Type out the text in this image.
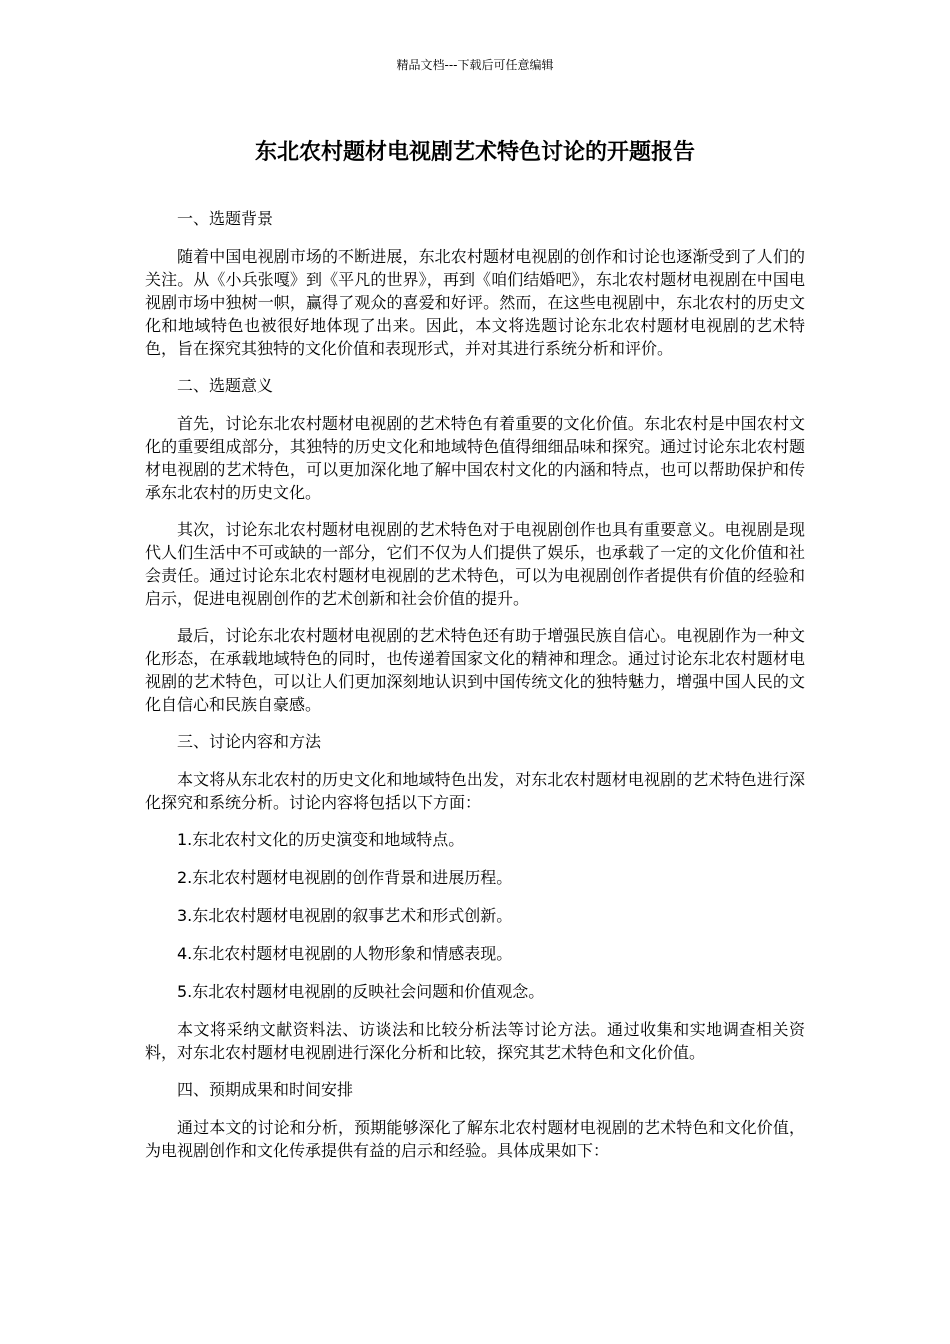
精品文档---下载后可任意编辑
东北农村题材电视剧艺术特色讨论的开题报告

一、选题背景

随着中国电视剧市场的不断进展，东北农村题材电视剧的创作和讨论也逐渐受到了人们的关注。从《小兵张嘎》到《平凡的世界》，再到《咱们结婚吧》，东北农村题材电视剧在中国电视剧市场中独树一帜，赢得了观众的喜爱和好评。然而，在这些电视剧中，东北农村的历史文化和地域特色也被很好地体现了出来。因此，本文将选题讨论东北农村题材电视剧的艺术特色，旨在探究其独特的文化价值和表现形式，并对其进行系统分析和评价。

二、选题意义

首先，讨论东北农村题材电视剧的艺术特色有着重要的文化价值。东北农村是中国农村文化的重要组成部分，其独特的历史文化和地域特色值得细细品味和探究。通过讨论东北农村题材电视剧的艺术特色，可以更加深化地了解中国农村文化的内涵和特点，也可以帮助保护和传承东北农村的历史文化。

其次，讨论东北农村题材电视剧的艺术特色对于电视剧创作也具有重要意义。电视剧是现代人们生活中不可或缺的一部分，它们不仅为人们提供了娱乐，也承载了一定的文化价值和社会责任。通过讨论东北农村题材电视剧的艺术特色，可以为电视剧创作者提供有价值的经验和启示，促进电视剧创作的艺术创新和社会价值的提升。

最后，讨论东北农村题材电视剧的艺术特色还有助于增强民族自信心。电视剧作为一种文化形态，在承载地域特色的同时，也传递着国家文化的精神和理念。通过讨论东北农村题材电视剧的艺术特色，可以让人们更加深刻地认识到中国传统文化的独特魅力，增强中国人民的文化自信心和民族自豪感。

三、讨论内容和方法

本文将从东北农村的历史文化和地域特色出发，对东北农村题材电视剧的艺术特色进行深化探究和系统分析。讨论内容将包括以下方面：

1.东北农村文化的历史演变和地域特点。

2.东北农村题材电视剧的创作背景和进展历程。

3.东北农村题材电视剧的叙事艺术和形式创新。

4.东北农村题材电视剧的人物形象和情感表现。

5.东北农村题材电视剧的反映社会问题和价值观念。

本文将采纳文献资料法、访谈法和比较分析法等讨论方法。通过收集和实地调查相关资料，对东北农村题材电视剧进行深化分析和比较，探究其艺术特色和文化价值。

四、预期成果和时间安排

通过本文的讨论和分析，预期能够深化了解东北农村题材电视剧的艺术特色和文化价值，为电视剧创作和文化传承提供有益的启示和经验。具体成果如下：
